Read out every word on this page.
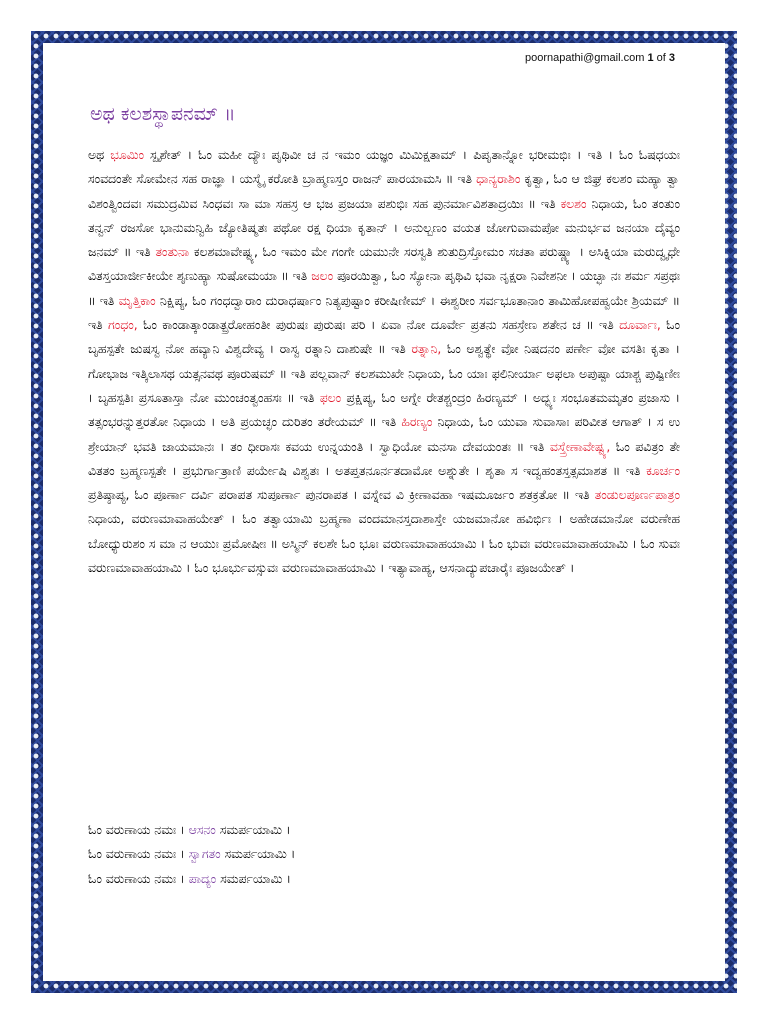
poornapathi@gmail.com 1 of 3
ಅಥ ಕಲಶಸ್ಥಾಪನಮ್ ॥
ಅಥ ಭೂಮಿಂ ಸ್ಪೃಶೇತ್ । ಓಂ ಮಹೀ ದ್ಯೌಃ ಪೃಥಿವೀ ಚ ನ ಇಮಂ ಯಜ್ಞಂ ಮಿಮಿಕ್ಷತಾಮ್ । ಪಿಪೃತಾನ್ನೋ ಭರೀಮಭಿಃ । ಇತಿ । ಓಂ ಓಷಧಯಃ ಸಂವದಂತೇ ಸೋಮೇನ ಸಹ ರಾಜ್ಞಾ । ಯಸ್ಮೈ ಕರೋತಿ ಬ್ರಾಹ್ಮಣಸ್ತಂ ರಾಜನ್ ಪಾರಯಾಮಸಿ ॥ ಇತಿ ಧಾನ್ಯರಾಶಿಂ ಕೃತ್ವಾ, ಓಂ ಆ ಜಿಘ್ರ ಕಲಶಂ ಮಹ್ಯಾ ತ್ವಾ ವಿಶಂತ್ವಿಂದವಃ ಸಮುದ್ರಮಿವ ಸಿಂಧವಃ ಸಾ ಮಾ ಸಹಸ್ರ ಆ ಭಜ ಪ್ರಜಯಾ ಪಶುಭಿಃ ಸಹ ಪುನರ್ಮಾವಿಶತಾದ್ರಯಿಃ ॥ ಇತಿ ಕಲಶಂ ನಿಧಾಯ, ಓಂ ತಂತುಂ ತನ್ವನ್ ರಜಸೋ ಭಾನುಮನ್ವಿಹಿ ಜ್ಯೋತಿಷ್ಮತಃ ಪಥೋ ರಕ್ಷ ಧಿಯಾ ಕೃತಾನ್ । ಅನುಲ್ಬಣಂ ವಯತ ಜೋಗುವಾಮಪೋ ಮನುರ್ಭವ ಜನಯಾ ದೈವ್ಯಂ ಜನಮ್ ॥ ಇತಿ ತಂತುನಾ ಕಲಶಮಾವೇಷ್ಟ್ಯ, ಓಂ ಇಮಂ ಮೇ ಗಂಗೇ ಯಮುನೇ ಸರಸ್ವತಿ ಶುತುದ್ರಿಸ್ತೋಮಂ ಸಚತಾ ಪರುಷ್ಣ್ಯಾ । ಅಸಿಕ್ನಿಯಾ ಮರುದ್ವೃಧೇ ವಿತಸ್ತಯಾರ್ಜೀಕೀಯೇ ಶೃಣುಹ್ಯಾ ಸುಷೋಮಯಾ ॥ ಇತಿ ಜಲಂ ಪೂರಯಿತ್ವಾ, ಓಂ ಸ್ಯೋನಾ ಪೃಥಿವಿ ಭವಾ ನೃಕ್ಷರಾ ನಿವೇಶನೀ । ಯಚ್ಛಾ ನಃ ಶರ್ಮ ಸಪ್ರಥಃ ॥ ಇತಿ ಮೃತ್ತಿಕಾಂ ನಿಕ್ಷಿಪ್ಯ, ಓಂ ಗಂಧದ್ವಾರಾಂ ದುರಾಧರ್ಷಾಂ ನಿತ್ಯಪುಷ್ಟಾಂ ಕರೀಷಿಣೀಮ್ । ಈಶ್ವರೀಂ ಸರ್ವಭೂತಾನಾಂ ತಾಮಿಹೋಪಹ್ವಯೇ ಶ್ರಿಯಮ್ ॥ ಇತಿ ಗಂಧಂ, ಓಂ ಕಾಂಡಾತ್ಕಾಂಡಾತ್ಪ್ರರೋಹಂತೀ ಪುರುಷಃ ಪುರುಷಃ ಪರಿ । ಏವಾ ನೋ ದೂರ್ವೇ ಪ್ರತನು ಸಹಸ್ರೇಣ ಶತೇನ ಚ ॥ ಇತಿ ದೂರ್ವಾಃ, ಓಂ ಬೃಹಸ್ಪತೇ ಜುಷಸ್ವ ನೋ ಹವ್ಯಾನಿ ವಿಶ್ವದೇವ್ಯ । ರಾಸ್ವ ರತ್ನಾನಿ ದಾಶುಷೇ ॥ ಇತಿ ರತ್ನಾನಿ, ಓಂ ಅಶ್ವತ್ಥೇ ವೋ ನಿಷದನಂ ಪರ್ಣೇ ವೋ ವಸತಿಃ ಕೃತಾ । ಗೋಭಾಜ ಇತ್ಕಿಲಾಸಥ ಯತ್ಸನವಥ ಪೂರುಷಮ್ ॥ ಇತಿ ಪಲ್ಲವಾನ್ ಕಲಶಮುಖೇ ನಿಧಾಯ, ಓಂ ಯಾಃ ಫಲಿನೀರ್ಯಾ ಅಫಲಾ ಅಪುಷ್ಪಾ ಯಾಶ್ಚ ಪುಷ್ಪಿಣೀಃ । ಬೃಹಸ್ಪತಿಃ ಪ್ರಸೂತಾಸ್ತಾ ನೋ ಮುಂಚಂತ್ವಂಹಸಃ ॥ ಇತಿ ಫಲಂ ಪ್ರಕ್ಷಿಪ್ಯ, ಓಂ ಅಗ್ನೇ ರೇತಶ್ಚಂದ್ರಂ ಹಿರಣ್ಯಮ್ । ಅದ್ಭ್ಯಃ ಸಂಭೂತಮಮೃತಂ ಪ್ರಜಾಸು । ತತ್ಸಂಭರನ್ನುತ್ತರತೋ ನಿಧಾಯ । ಅತಿ ಪ್ರಯಚ್ಛಂ ದುರಿತಂ ತರೇಯಮ್ ॥ ಇತಿ ಹಿರಣ್ಯಂ ನಿಧಾಯ, ಓಂ ಯುವಾ ಸುವಾಸಾಃ ಪರಿವೀತ ಆಗಾತ್ । ಸ ಉ ಶ್ರೇಯಾನ್ ಭವತಿ ಜಾಯಮಾನಃ । ತಂ ಧೀರಾಸಃ ಕವಯ ಉನ್ನಯಂತಿ । ಸ್ವಾಧಿಯೋ ಮನಸಾ ದೇವಯಂತಃ ॥ ಇತಿ ವಸ್ತ್ರೇಣಾವೇಷ್ಟ್ಯ, ಓಂ ಪವಿತ್ರಂ ತೇ ವಿತತಂ ಬ್ರಹ್ಮಣಸ್ಪತೇ । ಪ್ರಭುರ್ಗಾತ್ರಾಣಿ ಪರ್ಯೇಷಿ ವಿಶ್ವತಃ । ಅತಪ್ತತನೂರ್ನತದಾಮೋ ಅಶ್ನುತೇ । ಶೃತಾ ಸ ಇದ್ವಹಂತಸ್ತತ್ಸಮಾಶತ ॥ ಇತಿ ಕೂರ್ಚಂ ಪ್ರತಿಷ್ಠಾಪ್ಯ, ಓಂ ಪೂರ್ಣಾ ದರ್ವಿ ಪರಾಪತ ಸುಪೂರ್ಣಾ ಪುನರಾಪತ । ವಸ್ನೇವ ವಿ ಕ್ರೀಣಾವಹಾ ಇಷಮೂರ್ಜಂ ಶತಕ್ರತೋ ॥ ಇತಿ ತಂಡುಲಪೂರ್ಣಪಾತ್ರಂ ನಿಧಾಯ, ವರುಣಮಾವಾಹಯೇತ್ । ಓಂ ತತ್ವಾಯಾಮಿ ಬ್ರಹ್ಮಣಾ ವಂದಮಾನಸ್ತದಾಶಾಸ್ತೇ ಯಜಮಾನೋ ಹವಿರ್ಭಿಃ । ಅಹೇಡಮಾನೋ ವರುಣೇಹ ಬೋಧ್ಯುರುಶಂ ಸ ಮಾ ನ ಆಯುಃ ಪ್ರಮೋಷೀಃ ॥ ಅಸ್ಮಿನ್ ಕಲಶೇ ಓಂ ಭೂಃ ವರುಣಮಾವಾಹಯಾಮಿ । ಓಂ ಭುವಃ ವರುಣಮಾವಾಹಯಾಮಿ । ಓಂ ಸುವಃ ವರುಣಮಾವಾಹಯಾಮಿ । ಓಂ ಭೂರ್ಭುವಸ್ಸುವಃ ವರುಣಮಾವಾಹಯಾಮಿ । ಇತ್ಯಾವಾಹ್ಯ, ಆಸನಾದ್ಯುಪಚಾರೈಃ ಪೂಜಯೇತ್ ।
ಓಂ ವರುಣಾಯ ನಮಃ । ಆಸನಂ ಸಮರ್ಪಯಾಮಿ ।
ಓಂ ವರುಣಾಯ ನಮಃ । ಸ್ವಾಗತಂ ಸಮರ್ಪಯಾಮಿ ।
ಓಂ ವರುಣಾಯ ನಮಃ । ಪಾದ್ಯಂ ಸಮರ್ಪಯಾಮಿ ।
